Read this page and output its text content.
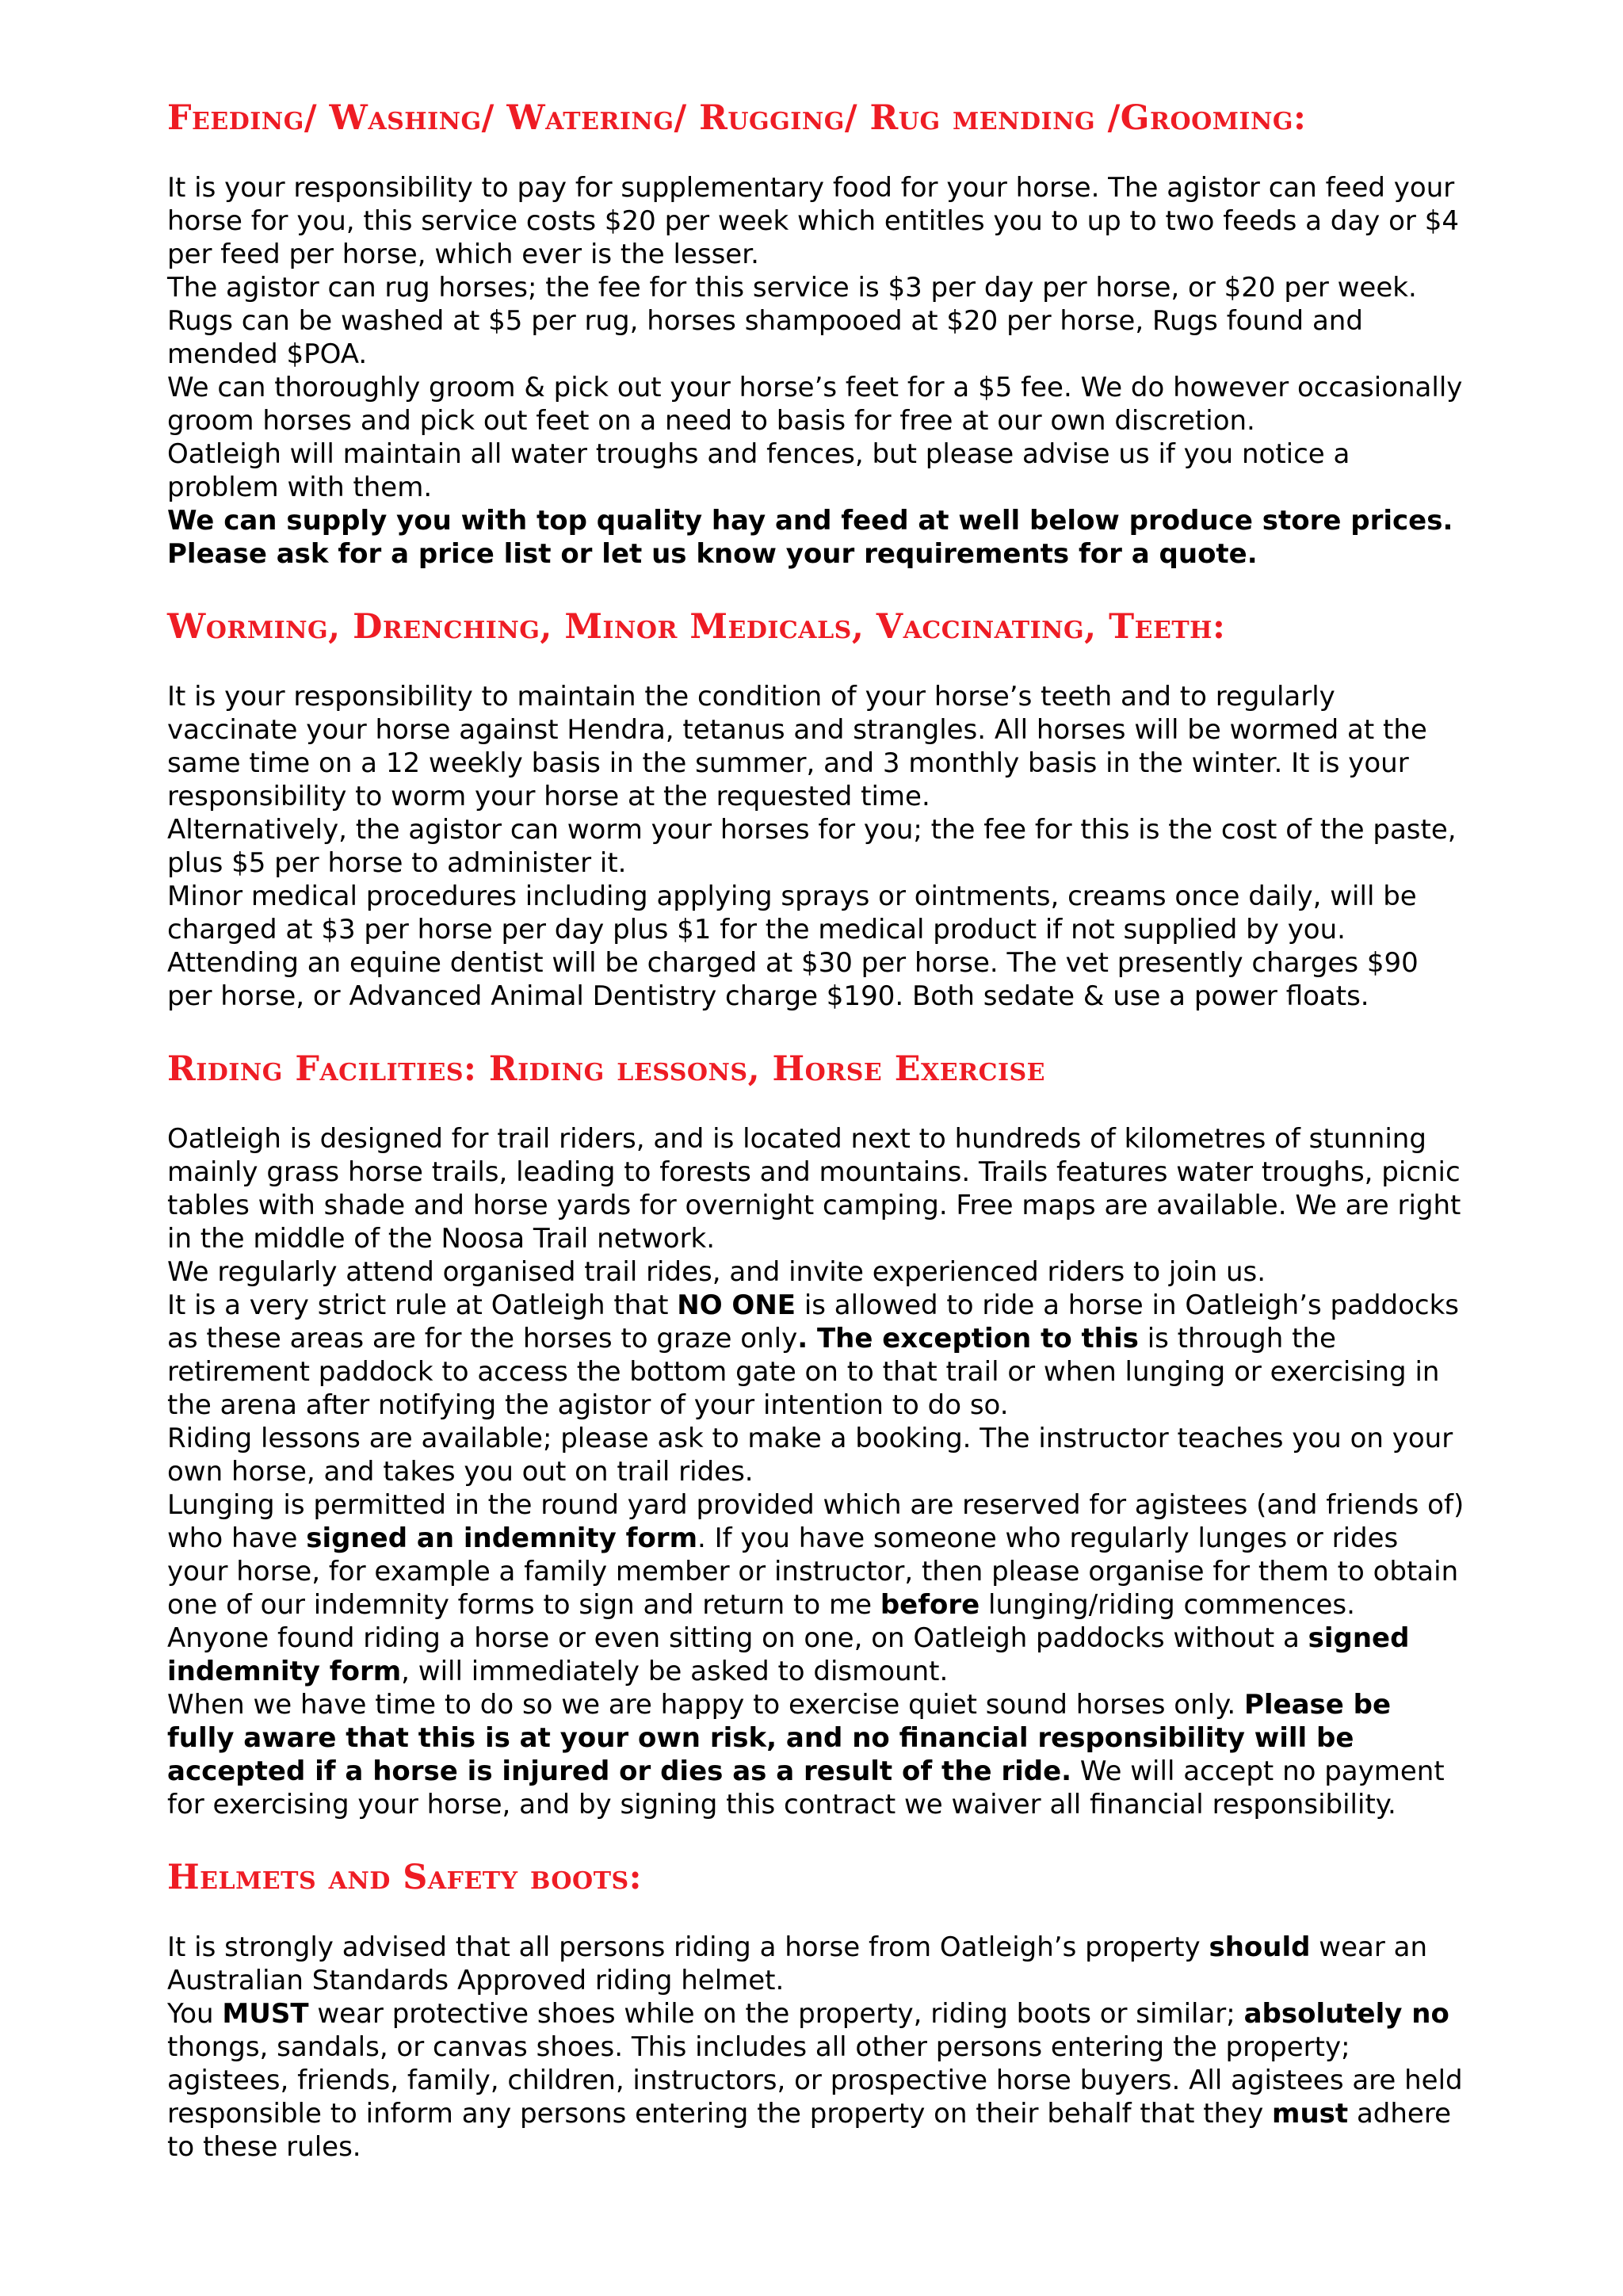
Feeding/ Washing/ Watering/ Rugging/ Rug mending /Grooming:

It is your responsibility to pay for supplementary food for your horse. The agistor can feed your horse for you, this service costs $20 per week which entitles you to up to two feeds a day or $4 per feed per horse, which ever is the lesser.

The agistor can rug horses; the fee for this service is $3 per day per horse, or $20 per week. Rugs can be washed at $5 per rug, horses shampooed at $20 per horse, Rugs found and mended $POA.

We can thoroughly groom & pick out your horse’s feet for a $5 fee. We do however occasionally groom horses and pick out feet on a need to basis for free at our own discretion.

Oatleigh will maintain all water troughs and fences, but please advise us if you notice a problem with them.

We can supply you with top quality hay and feed at well below produce store prices. Please ask for a price list or let us know your requirements for a quote.

Worming, Drenching, Minor Medicals, Vaccinating, Teeth:

It is your responsibility to maintain the condition of your horse’s teeth and to regularly vaccinate your horse against Hendra, tetanus and strangles. All horses will be wormed at the same time on a 12 weekly basis in the summer, and 3 monthly basis in the winter. It is your responsibility to worm your horse at the requested time.

Alternatively, the agistor can worm your horses for you; the fee for this is the cost of the paste, plus $5 per horse to administer it.

Minor medical procedures including applying sprays or ointments, creams once daily, will be charged at $3 per horse per day plus $1 for the medical product if not supplied by you.

Attending an equine dentist will be charged at $30 per horse. The vet presently charges $90 per horse, or Advanced Animal Dentistry charge $190. Both sedate & use a power floats.

Riding Facilities: Riding lessons, Horse Exercise

Oatleigh is designed for trail riders, and is located next to hundreds of kilometres of stunning mainly grass horse trails, leading to forests and mountains. Trails features water troughs, picnic tables with shade and horse yards for overnight camping. Free maps are available. We are right in the middle of the Noosa Trail network.

We regularly attend organised trail rides, and invite experienced riders to join us.

It is a very strict rule at Oatleigh that NO ONE is allowed to ride a horse in Oatleigh’s paddocks as these areas are for the horses to graze only. The exception to this is through the retirement paddock to access the bottom gate on to that trail or when lunging or exercising in the arena after notifying the agistor of your intention to do so.

Riding lessons are available; please ask to make a booking. The instructor teaches you on your own horse, and takes you out on trail rides.

Lunging is permitted in the round yard provided which are reserved for agistees (and friends of) who have signed an indemnity form. If you have someone who regularly lunges or rides your horse, for example a family member or instructor, then please organise for them to obtain one of our indemnity forms to sign and return to me before lunging/riding commences. Anyone found riding a horse or even sitting on one, on Oatleigh paddocks without a signed indemnity form, will immediately be asked to dismount.

When we have time to do so we are happy to exercise quiet sound horses only. Please be fully aware that this is at your own risk, and no financial responsibility will be accepted if a horse is injured or dies as a result of the ride. We will accept no payment for exercising your horse, and by signing this contract we waiver all financial responsibility.

Helmets and Safety boots:

It is strongly advised that all persons riding a horse from Oatleigh’s property should wear an Australian Standards Approved riding helmet.

You MUST wear protective shoes while on the property, riding boots or similar; absolutely no thongs, sandals, or canvas shoes. This includes all other persons entering the property; agistees, friends, family, children, instructors, or prospective horse buyers. All agistees are held responsible to inform any persons entering the property on their behalf that they must adhere to these rules.
